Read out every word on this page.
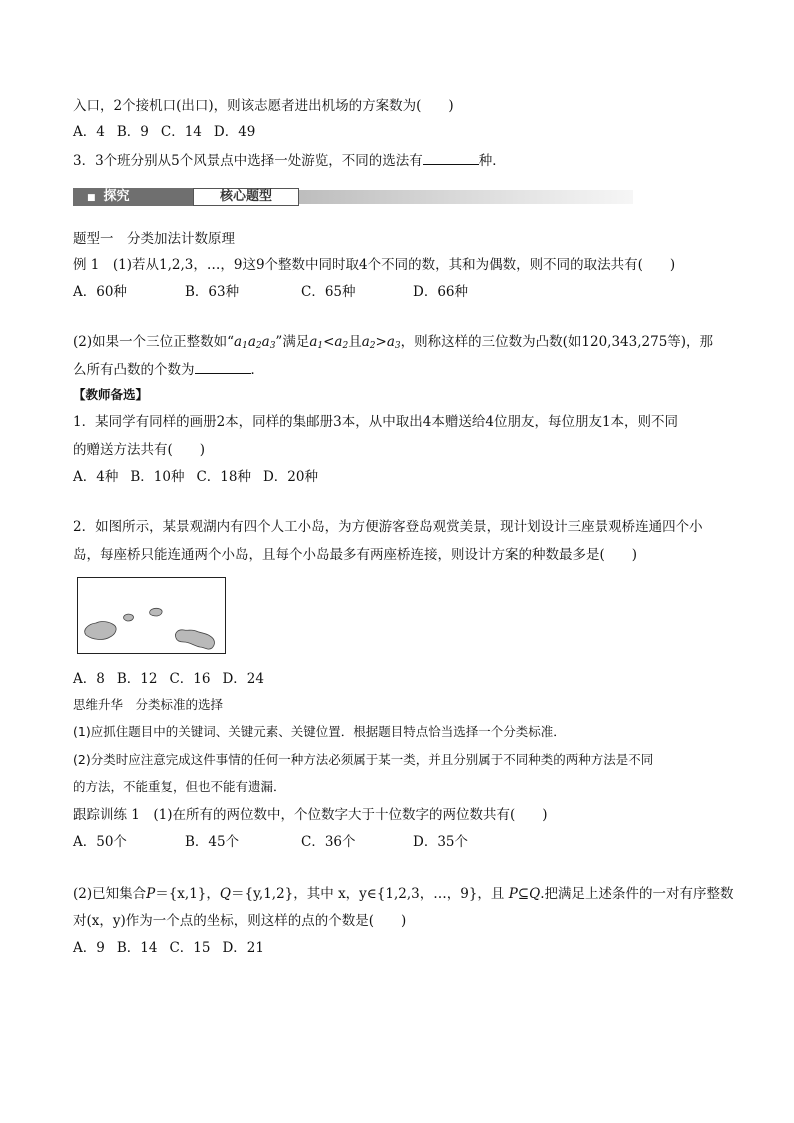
入口，2个接机口(出口)，则该志愿者进出机场的方案数为(　　)
A．4 B．9 C．14 D．49
3．3个班分别从5个风景点中选择一处游览，不同的选法有	种．
■ 探究	核心题型
题型一　分类加法计数原理
例 1　(1)若从1,2,3，…，9这9个整数中同时取4个不同的数，其和为偶数，则不同的取法共有(　　)
A．60种	B．63种	C．65种	D．66种
(2)如果一个三位正整数如“$a_1a_2a_3$”满足$a_1<a_2$且$a_2>a_3$，则称这样的三位数为凸数(如120,343,275等)，那
么所有凸数的个数为	．
【教师备选】
1．某同学有同样的画册2本，同样的集邮册3本，从中取出4本赠送给4位朋友，每位朋友1本，则不同
的赠送方法共有(　　)
A．4种 B．10种 C．18种 D．20种
2．如图所示，某景观湖内有四个人工小岛，为方便游客登岛观赏美景，现计划设计三座景观桥连通四个小
岛，每座桥只能连通两个小岛，且每个小岛最多有两座桥连接，则设计方案的种数最多是(　　)
A．8 B．12 C．16 D．24
思维升华　分类标准的选择
(1)应抓住题目中的关键词、关键元素、关键位置．根据题目特点恰当选择一个分类标准．
(2)分类时应注意完成这件事情的任何一种方法必须属于某一类，并且分别属于不同种类的两种方法是不同
的方法，不能重复，但也不能有遗漏．
跟踪训练 1　(1)在所有的两位数中，个位数字大于十位数字的两位数共有(　　)
A．50个	B．45个	C．36个	D．35个
(2)已知集合P＝{x,1}，Q＝{y,1,2}，其中 x，y∈{1,2,3，…，9}，且 P⊆Q.把满足上述条件的一对有序整数
对(x，y)作为一个点的坐标，则这样的点的个数是(　　)
A．9 B．14 C．15 D．21
